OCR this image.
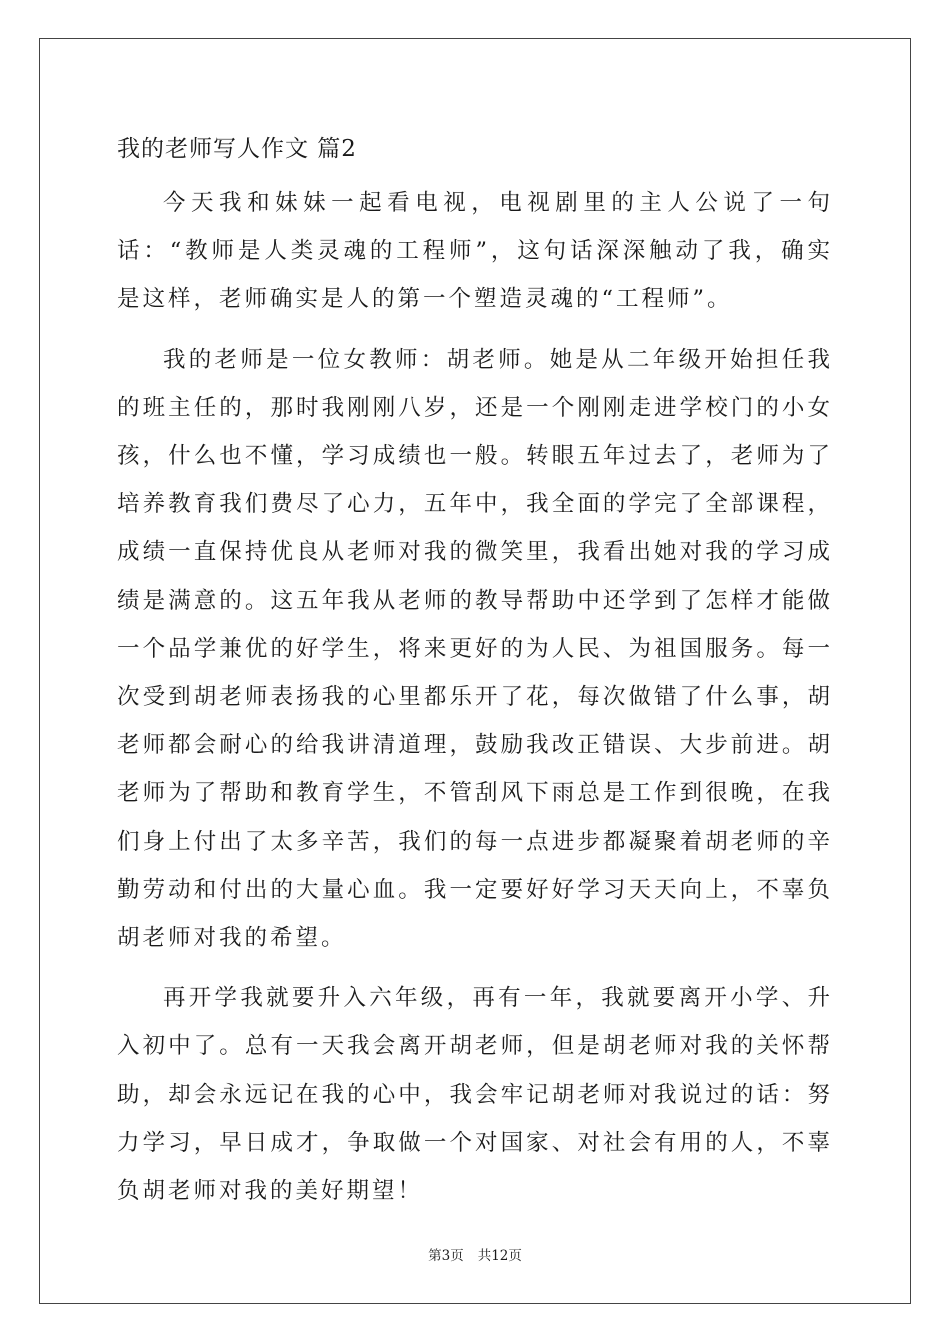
我的老师写人作文 篇2

今天我和妹妹一起看电视，电视剧里的主人公说了一句话：“教师是人类灵魂的工程师”，这句话深深触动了我，确实是这样，老师确实是人的第一个塑造灵魂的“工程师”。

我的老师是一位女教师：胡老师。她是从二年级开始担任我的班主任的，那时我刚刚八岁，还是一个刚刚走进学校门的小女孩，什么也不懂，学习成绩也一般。转眼五年过去了，老师为了培养教育我们费尽了心力，五年中，我全面的学完了全部课程，成绩一直保持优良从老师对我的微笑里，我看出她对我的学习成绩是满意的。这五年我从老师的教导帮助中还学到了怎样才能做一个品学兼优的好学生，将来更好的为人民、为祖国服务。每一次受到胡老师表扬我的心里都乐开了花，每次做错了什么事，胡老师都会耐心的给我讲清道理，鼓励我改正错误、大步前进。胡老师为了帮助和教育学生，不管刮风下雨总是工作到很晚，在我们身上付出了太多辛苦，我们的每一点进步都凝聚着胡老师的辛勤劳动和付出的大量心血。我一定要好好学习天天向上，不辜负胡老师对我的希望。

再开学我就要升入六年级，再有一年，我就要离开小学、升入初中了。总有一天我会离开胡老师，但是胡老师对我的关怀帮助，却会永远记在我的心中，我会牢记胡老师对我说过的话：努力学习，早日成才，争取做一个对国家、对社会有用的人，不辜负胡老师对我的美好期望！

第3页 共12页
